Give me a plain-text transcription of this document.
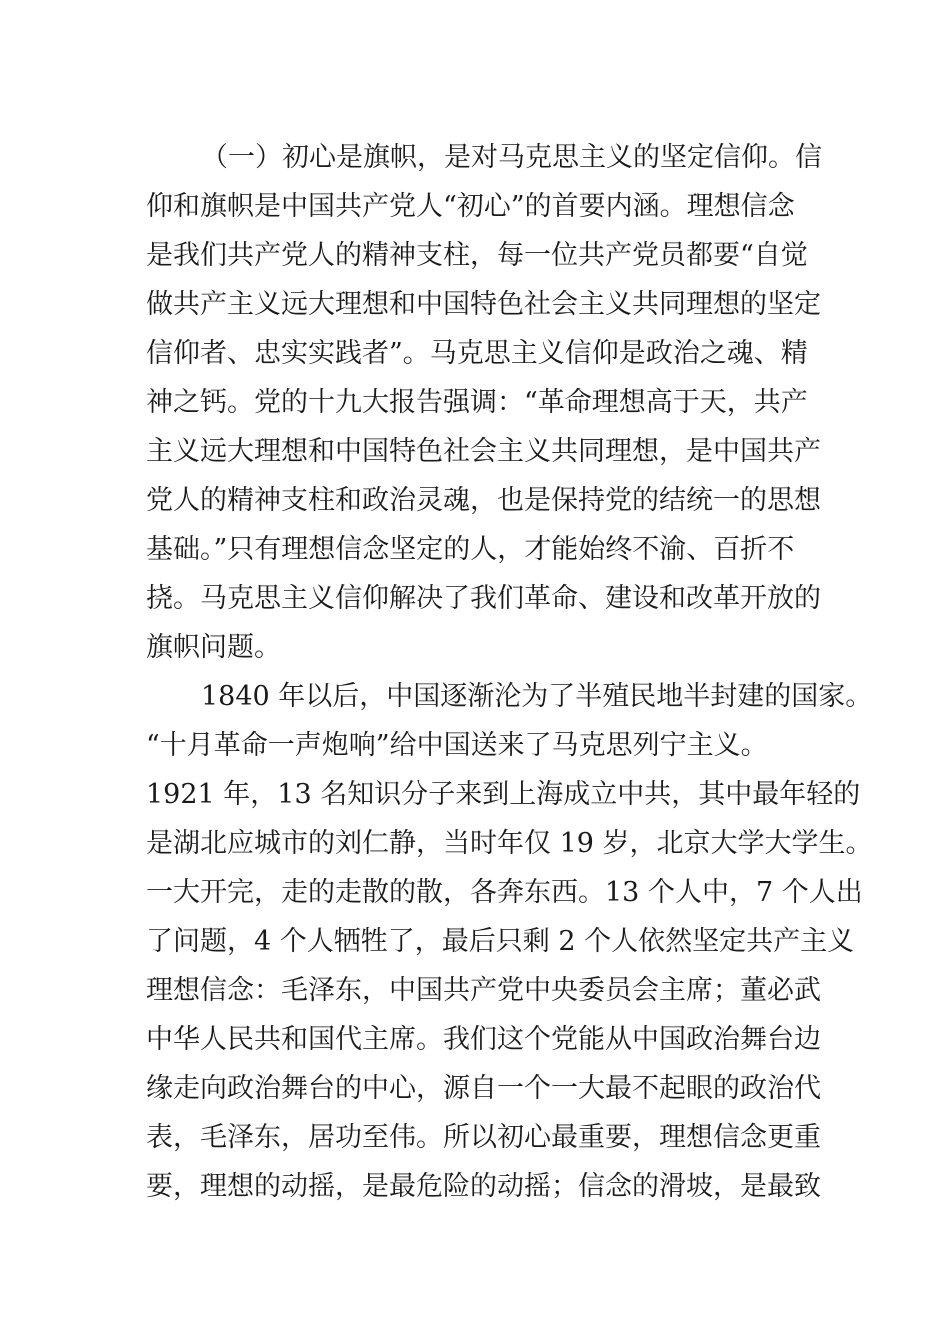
（一）初心是旗帜，是对马克思主义的坚定信仰。信
仰和旗帜是中国共产党人“初心”的首要内涵。理想信念
是我们共产党人的精神支柱，每一位共产党员都要“自觉
做共产主义远大理想和中国特色社会主义共同理想的坚定
信仰者、忠实实践者”。马克思主义信仰是政治之魂、精
神之钙。党的十九大报告强调：“革命理想高于天，共产
主义远大理想和中国特色社会主义共同理想，是中国共产
党人的精神支柱和政治灵魂，也是保持党的结统一的思想
基础。”只有理想信念坚定的人，才能始终不渝、百折不
挠。马克思主义信仰解决了我们革命、建设和改革开放的
旗帜问题。
1840 年以后，中国逐渐沦为了半殖民地半封建的国家。
“十月革命一声炮响”给中国送来了马克思列宁主义。
1921 年，13 名知识分子来到上海成立中共，其中最年轻的
是湖北应城市的刘仁静，当时年仅 19 岁，北京大学大学生。
一大开完，走的走散的散，各奔东西。13 个人中，7 个人出
了问题，4 个人牺牲了，最后只剩 2 个人依然坚定共产主义
理想信念：毛泽东，中国共产党中央委员会主席；董必武
中华人民共和国代主席。我们这个党能从中国政治舞台边
缘走向政治舞台的中心，源自一个一大最不起眼的政治代
表，毛泽东，居功至伟。所以初心最重要，理想信念更重
要，理想的动摇，是最危险的动摇；信念的滑坡，是最致
